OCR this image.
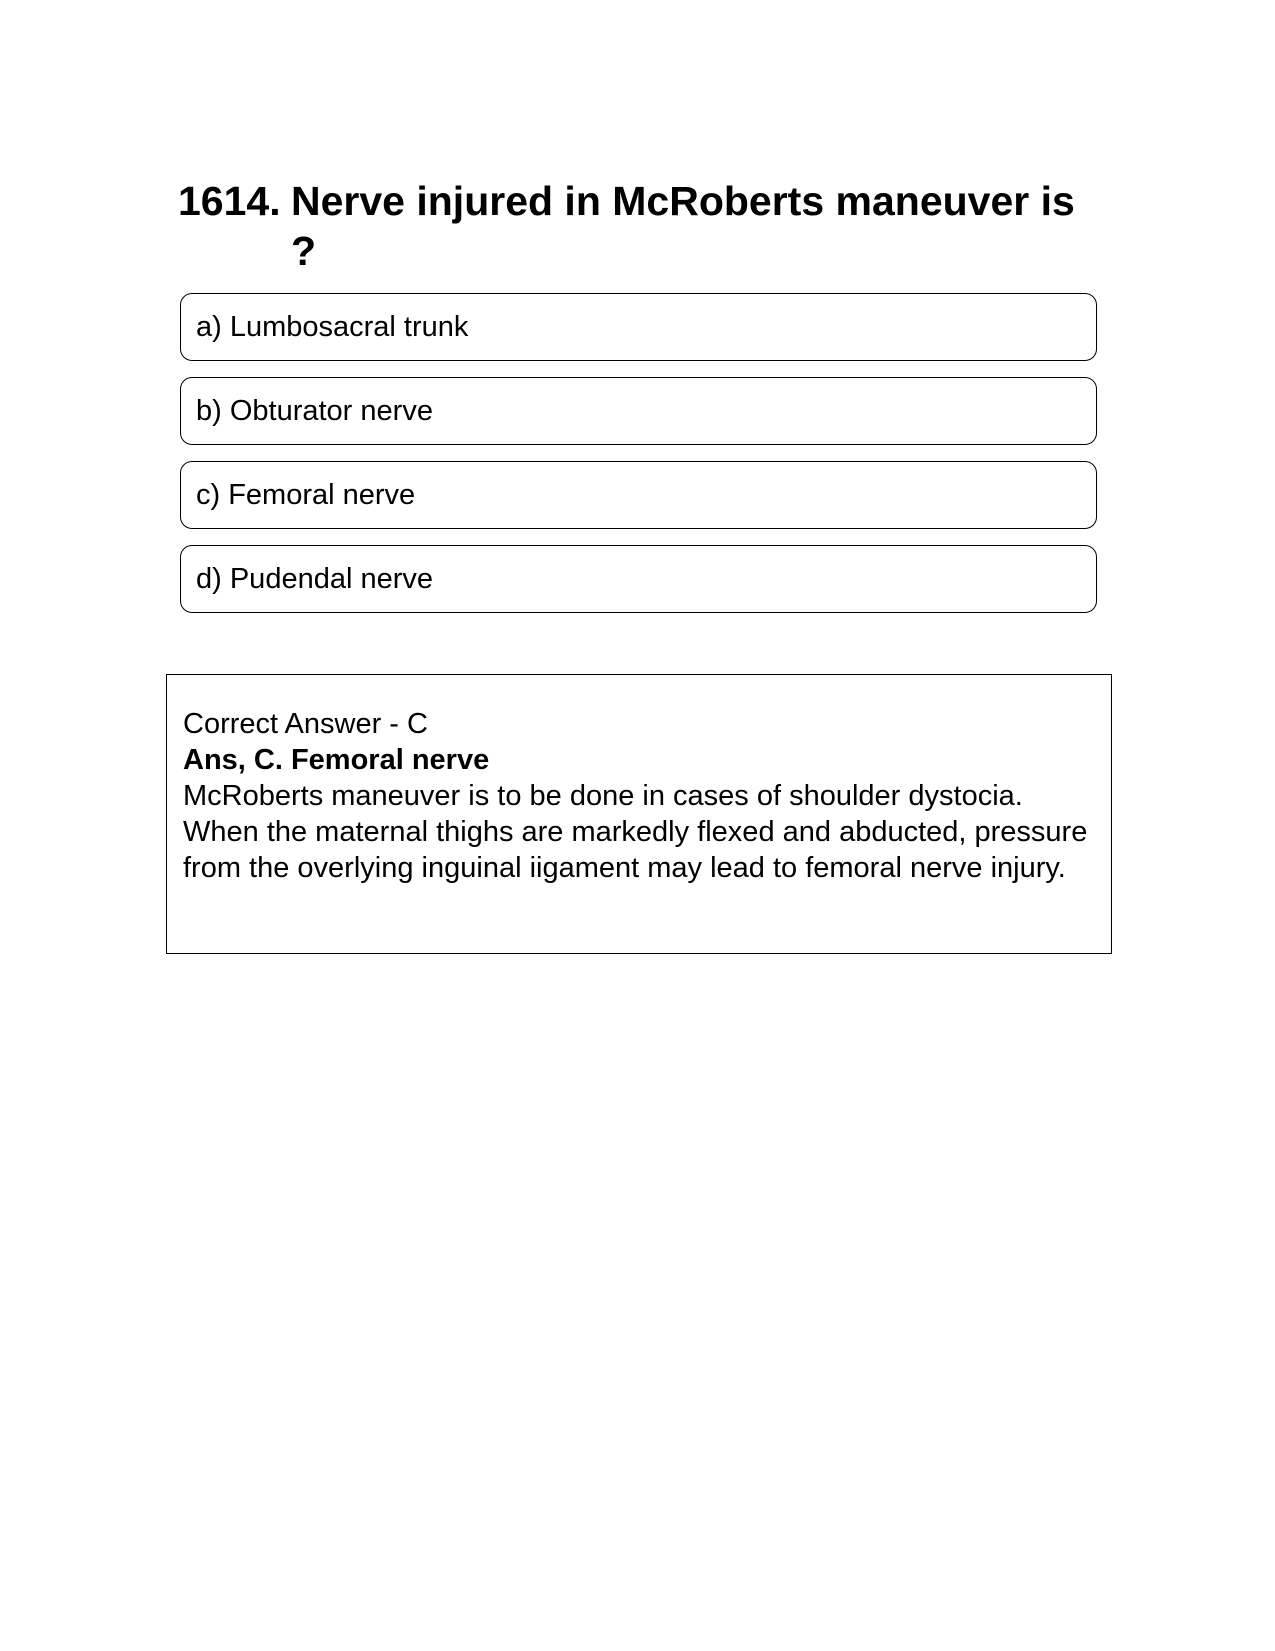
1614. Nerve injured in McRoberts maneuver is ?
a) Lumbosacral trunk
b) Obturator nerve
c) Femoral nerve
d) Pudendal nerve
Correct Answer - C
Ans, C. Femoral nerve
McRoberts maneuver is to be done in cases of shoulder dystocia. When the maternal thighs are markedly flexed and abducted, pressure from the overlying inguinal iigament may lead to femoral nerve injury.
